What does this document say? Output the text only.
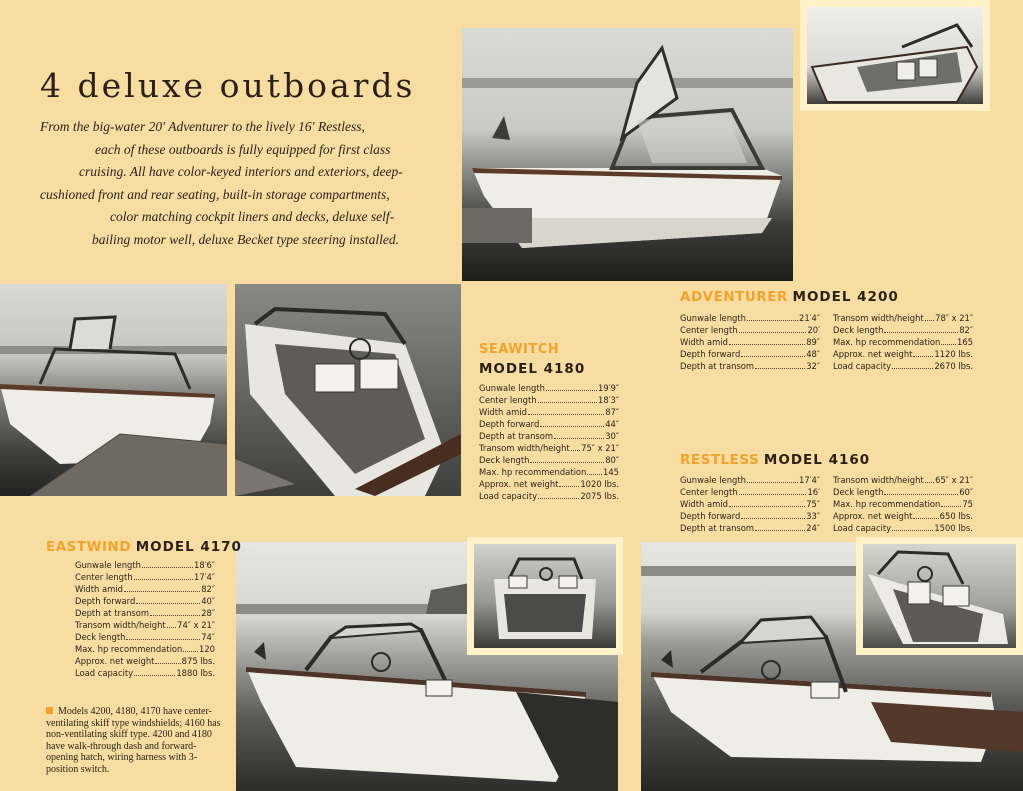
4 deluxe outboards
From the big-water 20′ Adventurer to the lively 16′ Restless,
each of these outboards is fully equipped for first class
cruising. All have color-keyed interiors and exteriors, deep-
cushioned front and rear seating, built-in storage compartments,
color matching cockpit liners and decks, deluxe self-
bailing motor well, deluxe Becket type steering installed.
ADVENTURER MODEL 4200
Gunwale length	21′4″
Center length	20′
Width amid	89″
Depth forward	48″
Depth at transom	32″
Transom width/height 78″ x 21″
Deck length	82″
Max. hp recommendation 165
Approx. net weight	1120 lbs.
Load capacity	2670 lbs.
SEAWITCH
MODEL 4180
Gunwale length	19′9″
Center length	18′3″
Width amid	87″
Depth forward	44″
Depth at transom	30″
Transom width/height 75″ x 21″
Deck length	80″
Max. hp recommendation 145
Approx. net weight	1020 lbs.
Load capacity	2075 lbs.
RESTLESS MODEL 4160
Gunwale length	17′4″
Center length	16′
Width amid	75″
Depth forward	33″
Depth at transom	24″
Transom width/height 65″ x 21″
Deck length	60″
Max. hp recommendation	75
Approx. net weight	650 lbs.
Load capacity	1500 lbs.
EASTWIND MODEL 4170
Gunwale length	18′6″
Center length	17′4″
Width amid	82″
Depth forward	40″
Depth at transom	28″
Transom width/height 74″ x 21″
Deck length	74″
Max. hp recommendation 120
Approx. net weight	875 lbs.
Load capacity	1880 lbs.
Models 4200, 4180, 4170 have center-ventilating skiff type windshields; 4160 has non-ventilating skiff type. 4200 and 4180 have walk-through dash and forward-opening hatch, wiring harness with 3-position switch.
